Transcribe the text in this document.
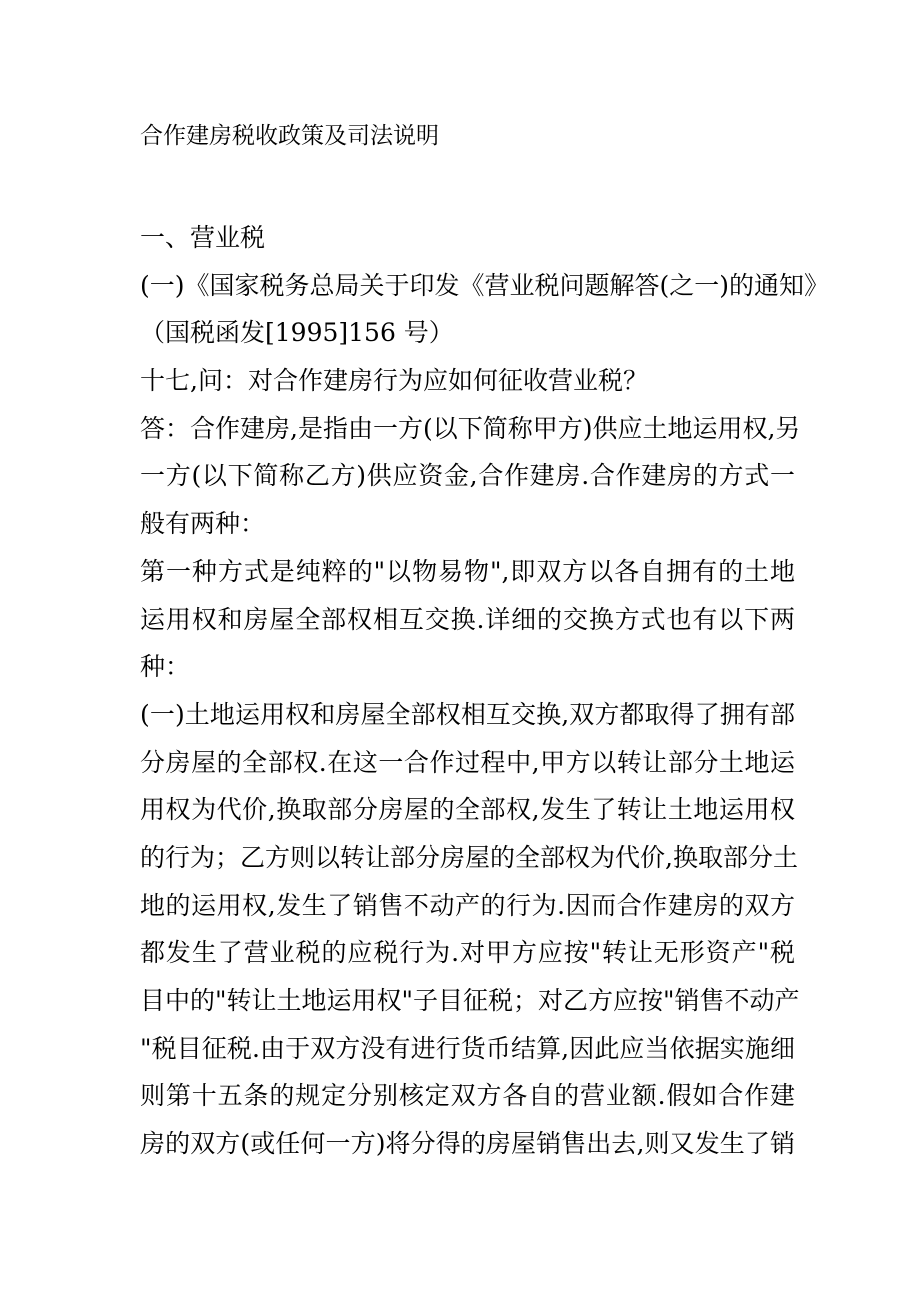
合作建房税收政策及司法说明
一、营业税
(一)《国家税务总局关于印发《营业税问题解答(之一)的通知》
（国税函发[1995]156 号）
十七,问：对合作建房行为应如何征收营业税？
答：合作建房,是指由一方(以下简称甲方)供应土地运用权,另
一方(以下简称乙方)供应资金,合作建房.合作建房的方式一
般有两种：
第一种方式是纯粹的"以物易物",即双方以各自拥有的土地
运用权和房屋全部权相互交换.详细的交换方式也有以下两
种：
(一)土地运用权和房屋全部权相互交换,双方都取得了拥有部
分房屋的全部权.在这一合作过程中,甲方以转让部分土地运
用权为代价,换取部分房屋的全部权,发生了转让土地运用权
的行为；乙方则以转让部分房屋的全部权为代价,换取部分土
地的运用权,发生了销售不动产的行为.因而合作建房的双方
都发生了营业税的应税行为.对甲方应按"转让无形资产"税
目中的"转让土地运用权"子目征税；对乙方应按"销售不动产
"税目征税.由于双方没有进行货币结算,因此应当依据实施细
则第十五条的规定分别核定双方各自的营业额.假如合作建
房的双方(或任何一方)将分得的房屋销售出去,则又发生了销
